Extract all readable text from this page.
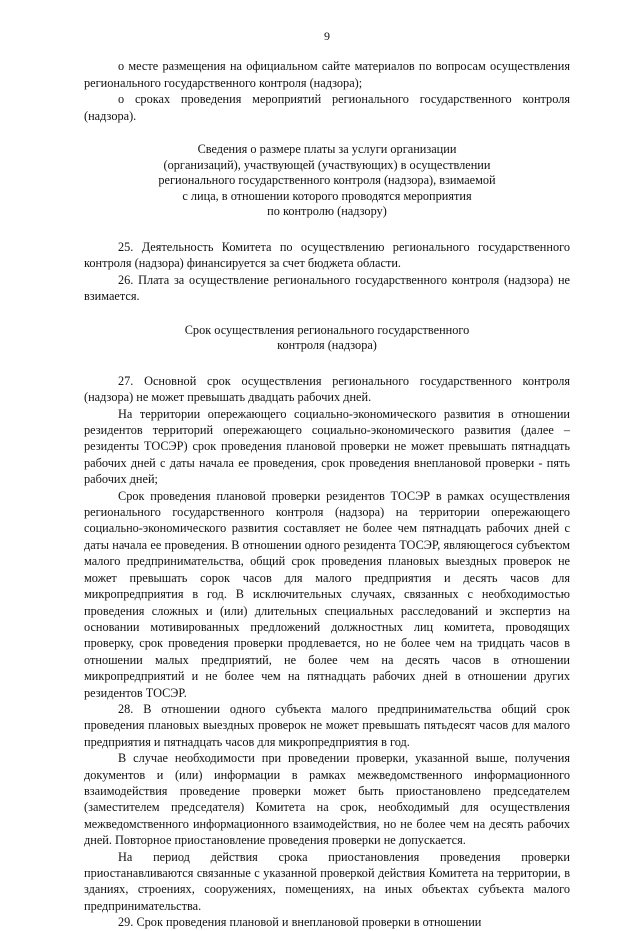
9

о месте размещения на официальном сайте материалов по вопросам осуществления регионального государственного контроля (надзора);

о сроках проведения мероприятий регионального государственного контроля (надзора).

Сведения о размере платы за услуги организации
(организаций), участвующей (участвующих) в осуществлении
регионального государственного контроля (надзора), взимаемой
с лица, в отношении которого проводятся мероприятия
по контролю (надзору)

25. Деятельность Комитета по осуществлению регионального государственного контроля (надзора) финансируется за счет бюджета области.

26. Плата за осуществление регионального государственного контроля (надзора) не взимается.

Срок осуществления регионального государственного
контроля (надзора)

27. Основной срок осуществления регионального государственного контроля (надзора) не может превышать двадцать рабочих дней.

На территории опережающего социально-экономического развития в отношении резидентов территорий опережающего социально-экономического развития (далее – резиденты ТОСЭР) срок проведения плановой проверки не может превышать пятнадцать рабочих дней с даты начала ее проведения, срок проведения внеплановой проверки - пять рабочих дней;

Срок проведения плановой проверки резидентов ТОСЭР в рамках осуществления регионального государственного контроля (надзора) на территории опережающего социально-экономического развития составляет не более чем пятнадцать рабочих дней с даты начала ее проведения. В отношении одного резидента ТОСЭР, являющегося субъектом малого предпринимательства, общий срок проведения плановых выездных проверок не может превышать сорок часов для малого предприятия и десять часов для микропредприятия в год. В исключительных случаях, связанных с необходимостью проведения сложных и (или) длительных специальных расследований и экспертиз на основании мотивированных предложений должностных лиц комитета, проводящих проверку, срок проведения проверки продлевается, но не более чем на тридцать часов в отношении малых предприятий, не более чем на десять часов в отношении микропредприятий и не более чем на пятнадцать рабочих дней в отношении других резидентов ТОСЭР.

28. В отношении одного субъекта малого предпринимательства общий срок проведения плановых выездных проверок не может превышать пятьдесят часов для малого предприятия и пятнадцать часов для микропредприятия в год.

В случае необходимости при проведении проверки, указанной выше, получения документов и (или) информации в рамках межведомственного информационного взаимодействия проведение проверки может быть приостановлено председателем (заместителем председателя) Комитета на срок, необходимый для осуществления межведомственного информационного взаимодействия, но не более чем на десять рабочих дней. Повторное приостановление проведения проверки не допускается.

На период действия срока приостановления проведения проверки приостанавливаются связанные с указанной проверкой действия Комитета на территории, в зданиях, строениях, сооружениях, помещениях, на иных объектах субъекта малого предпринимательства.

29. Срок проведения плановой и внеплановой проверки в отношении
